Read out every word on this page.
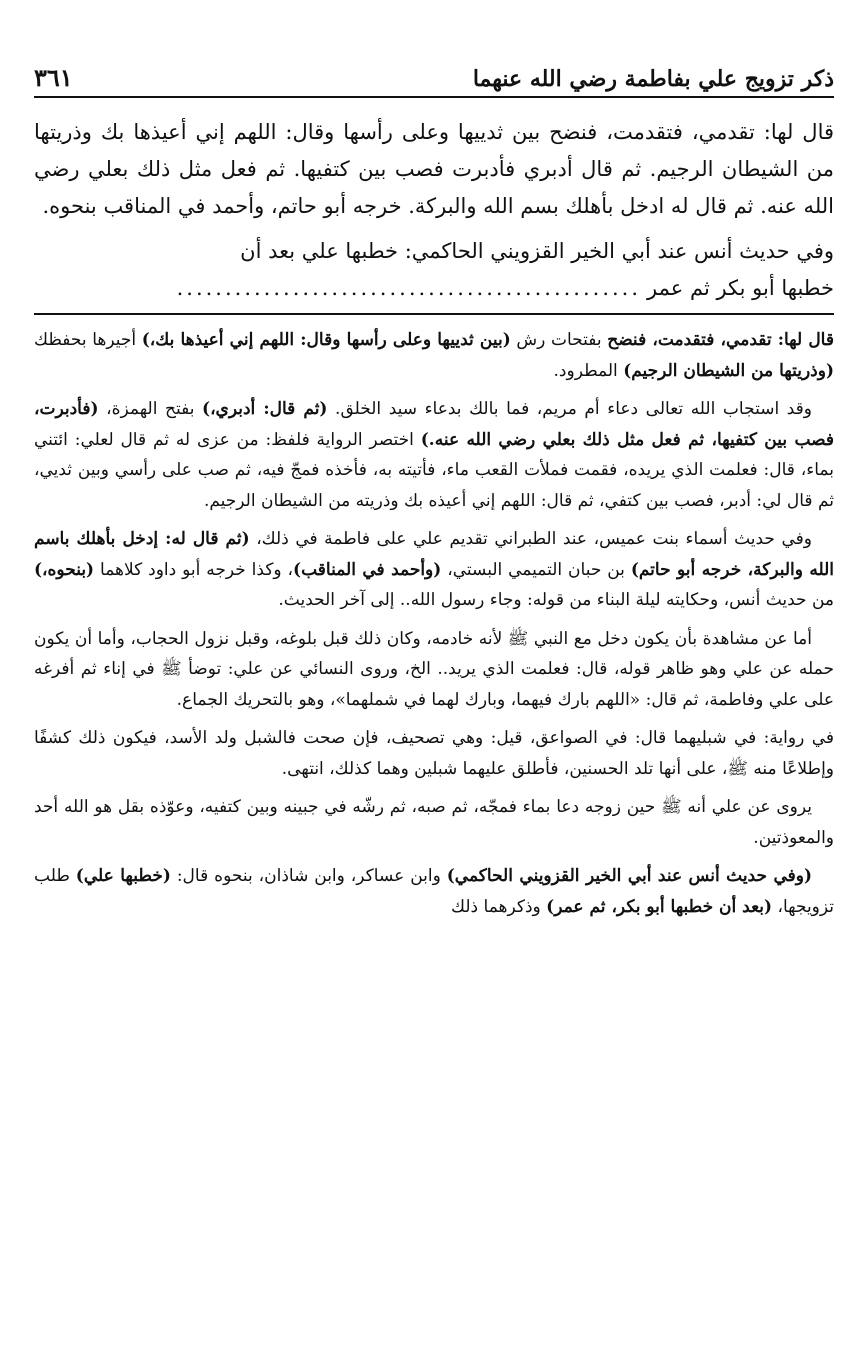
ذكر تزويج علي بفاطمة رضي الله عنهما
٣٦١

قال لها: تقدمي، فتقدمت، فنضح بين ثدييها وعلى رأسها وقال: اللهم إني أعيذها بك وذريتها من الشيطان الرجيم. ثم قال أدبري فأدبرت فصب بين كتفيها. ثم فعل مثل ذلك بعلي رضي الله عنه. ثم قال له ادخل بأهلك بسم الله والبركة. خرجه أبو حاتم، وأحمد في المناقب بنحوه.

وفي حديث أنس عند أبي الخير القزويني الحاكمي: خطبها علي بعد أن

خطبها أبو بكر ثم عمر
................................................

قال لها: تقدمي، فتقدمت، فنضح بفتحات رش (بين ثدييها وعلى رأسها وقال: اللهم إني أعيذها بك،) أجيرها بحفظك (وذريتها من الشيطان الرجيم) المطرود.

وقد استجاب الله تعالى دعاء أم مريم، فما بالك بدعاء سيد الخلق. (ثم قال: أدبري،) بفتح الهمزة، (فأدبرت، فصب بين كتفيها، ثم فعل مثل ذلك بعلي رضي الله عنه.) اختصر الرواية فلفظ: من عزى له ثم قال لعلي: ائتني بماء، قال: فعلمت الذي يريده، فقمت فملأت القعب ماء، فأتيته به، فأخذه فمجّ فيه، ثم صب على رأسي وبين ثديي، ثم قال لي: أدبر، فصب بين كتفي، ثم قال: اللهم إني أعيذه بك وذريته من الشيطان الرجيم.

وفي حديث أسماء بنت عميس، عند الطبراني تقديم علي على فاطمة في ذلك، (ثم قال له: إدخل بأهلك باسم الله والبركة، خرجه أبو حاتم) بن حبان التميمي البستي، (وأحمد في المناقب)، وكذا خرجه أبو داود كلاهما (بنحوه،) من حديث أنس، وحكايته ليلة البناء من قوله: وجاء رسول الله.. إلى آخر الحديث.

أما عن مشاهدة بأن يكون دخل مع النبي ﷺ لأنه خادمه، وكان ذلك قبل بلوغه، وقبل نزول الحجاب، وأما أن يكون حمله عن علي وهو ظاهر قوله، قال: فعلمت الذي يريد.. الخ، وروى النسائي عن علي: توضأ ﷺ في إناء ثم أفرغه على علي وفاطمة، ثم قال: «اللهم بارك فيهما، وبارك لهما في شملهما»، وهو بالتحريك الجماع.

في رواية: في شبليهما قال: في الصواعق، قيل: وهي تصحيف، فإن صحت فالشبل ولد الأسد، فيكون ذلك كشفًا وإطلاعًا منه ﷺ، على أنها تلد الحسنين، فأطلق عليهما شبلين وهما كذلك، انتهى.

يروى عن علي أنه ﷺ حين زوجه دعا بماء فمجّه، ثم صبه، ثم رشّه في جبينه وبين كتفيه، وعوّذه بقل هو الله أحد والمعوذتين.

(وفي حديث أنس عند أبي الخير القزويني الحاكمي) وابن عساكر، وابن شاذان، بنحوه قال: (خطبها علي) طلب تزويجها، (بعد أن خطبها أبو بكر، ثم عمر) وذكرهما ذلك
